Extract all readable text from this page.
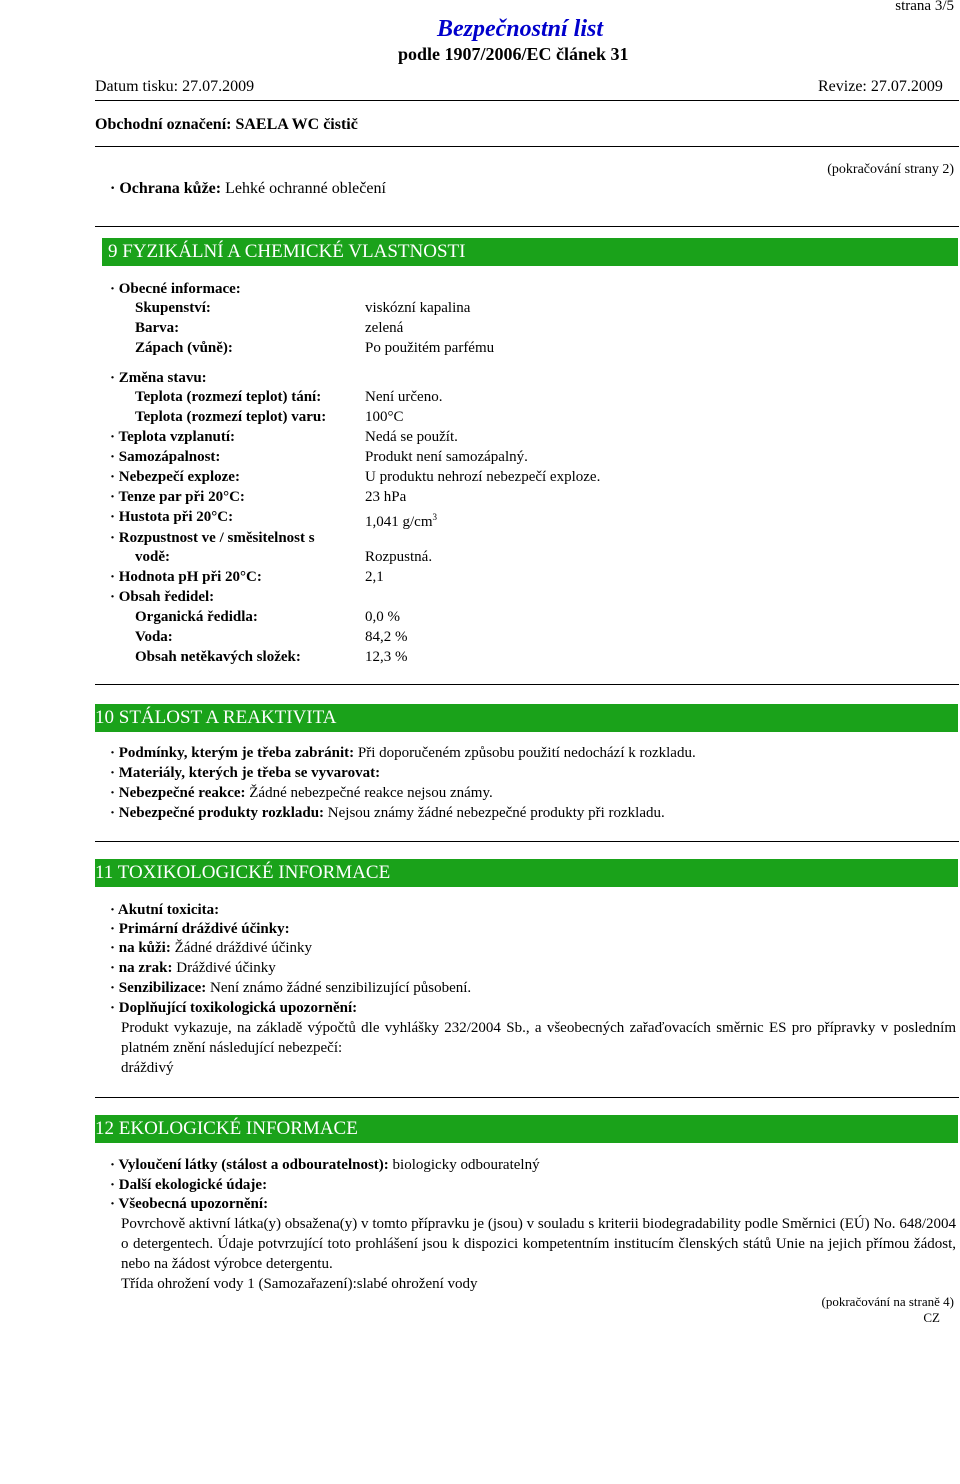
strana 3/5
Bezpečnostní list
podle 1907/2006/EC článek 31
Datum tisku: 27.07.2009	Revize: 27.07.2009
Obchodní označení: SAELA WC čistič
(pokračování strany 2)
· Ochrana kůže: Lehké ochranné oblečení
9 FYZIKÁLNÍ A CHEMICKÉ VLASTNOSTI
· Obecné informace:
Skupenství:	viskózní kapalina
Barva:	zelená
Zápach (vůně):	Po použitém parfému
· Změna stavu:
Teplota (rozmezí teplot) tání:	Není určeno.
Teplota (rozmezí teplot) varu:	100°C
· Teplota vzplanutí:	Nedá se použít.
· Samozápalnost:	Produkt není samozápalný.
· Nebezpečí exploze:	U produktu nehrozí nebezpečí exploze.
· Tenze par při 20°C:	23 hPa
· Hustota při 20°C:	1,041 $g/cm^3$
· Rozpustnost ve / směsitelnost s
vodě:	Rozpustná.
· Hodnota pH při 20°C:	2,1
· Obsah ředidel:
Organická ředidla:	0,0 %
Voda:	84,2 %
Obsah netěkavých složek:	12,3 %
10 STÁLOST A REAKTIVITA
· Podmínky, kterým je třeba zabránit: Při doporučeném způsobu použití nedochází k rozkladu.
· Materiály, kterých je třeba se vyvarovat:
· Nebezpečné reakce: Žádné nebezpečné reakce nejsou známy.
· Nebezpečné produkty rozkladu: Nejsou známy žádné nebezpečné produkty při rozkladu.
11 TOXIKOLOGICKÉ INFORMACE
· Akutní toxicita:
· Primární dráždivé účinky:
· na kůži: Žádné dráždivé účinky
· na zrak: Dráždivé účinky
· Senzibilizace: Není známo žádné senzibilizující působení.
· Doplňující toxikologická upozornění:
Produkt vykazuje, na základě výpočtů dle vyhlášky 232/2004 Sb., a všeobecných zařaďovacích směrnic ES pro přípravky v posledním platném znění následující nebezpečí:
dráždivý
12 EKOLOGICKÉ INFORMACE
· Vyloučení látky (stálost a odbouratelnost): biologicky odbouratelný
· Další ekologické údaje:
· Všeobecná upozornění:
Povrchově aktivní látka(y) obsažena(y) v tomto přípravku je (jsou) v souladu s kriterii biodegradability podle Směrnici (EÚ) No. 648/2004 o detergentech. Údaje potvrzující toto prohlášení jsou k dispozici kompetentním institucím členských států Unie na jejich přímou žádost, nebo na žádost výrobce detergentu.
Třída ohrožení vody 1 (Samozařazení):slabé ohrožení vody
(pokračování na straně 4)
CZ
